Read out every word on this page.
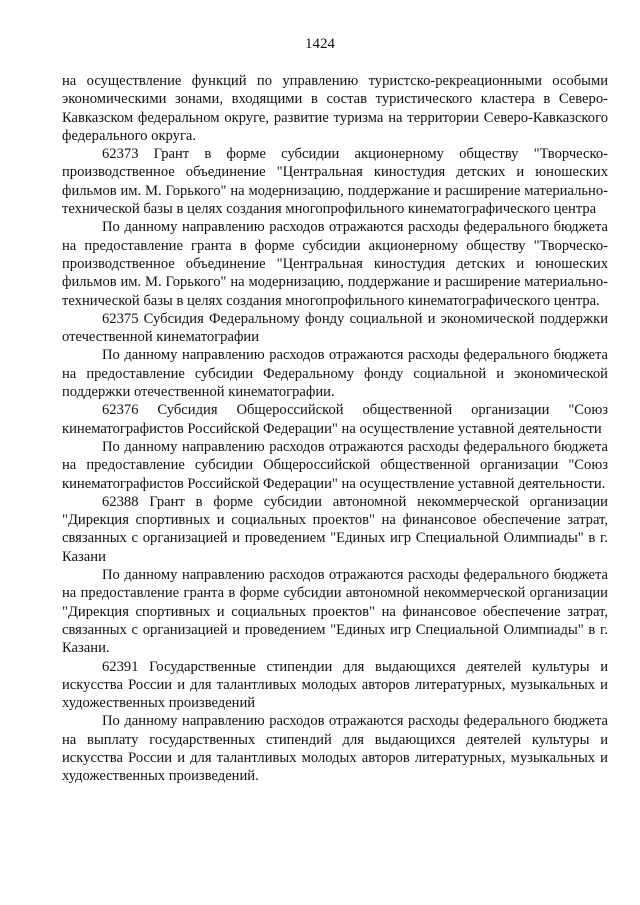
1424

на осуществление функций по управлению туристско-рекреационными особыми экономическими зонами, входящими в состав туристического кластера в Северо-Кавказском федеральном округе, развитие туризма на территории Северо-Кавказского федерального округа.

62373 Грант в форме субсидии акционерному обществу "Творческо-производственное объединение "Центральная киностудия детских и юношеских фильмов им. М. Горького" на модернизацию, поддержание и расширение материально-технической базы в целях создания многопрофильного кинематографического центра

По данному направлению расходов отражаются расходы федерального бюджета на предоставление гранта в форме субсидии акционерному обществу "Творческо-производственное объединение "Центральная киностудия детских и юношеских фильмов им. М. Горького" на модернизацию, поддержание и расширение материально-технической базы в целях создания многопрофильного кинематографического центра.

62375 Субсидия Федеральному фонду социальной и экономической поддержки отечественной кинематографии

По данному направлению расходов отражаются расходы федерального бюджета на предоставление субсидии Федеральному фонду социальной и экономической поддержки отечественной кинематографии.

62376 Субсидия Общероссийской общественной организации "Союз кинематографистов Российской Федерации" на осуществление уставной деятельности

По данному направлению расходов отражаются расходы федерального бюджета на предоставление субсидии Общероссийской общественной организации "Союз кинематографистов Российской Федерации" на осуществление уставной деятельности.

62388 Грант в форме субсидии автономной некоммерческой организации "Дирекция спортивных и социальных проектов" на финансовое обеспечение затрат, связанных с организацией и проведением "Единых игр Специальной Олимпиады" в г. Казани

По данному направлению расходов отражаются расходы федерального бюджета на предоставление гранта в форме субсидии автономной некоммерческой организации "Дирекция спортивных и социальных проектов" на финансовое обеспечение затрат, связанных с организацией и проведением "Единых игр Специальной Олимпиады" в г. Казани.

62391 Государственные стипендии для выдающихся деятелей культуры и искусства России и для талантливых молодых авторов литературных, музыкальных и художественных произведений

По данному направлению расходов отражаются расходы федерального бюджета на выплату государственных стипендий для выдающихся деятелей культуры и искусства России и для талантливых молодых авторов литературных, музыкальных и художественных произведений.
